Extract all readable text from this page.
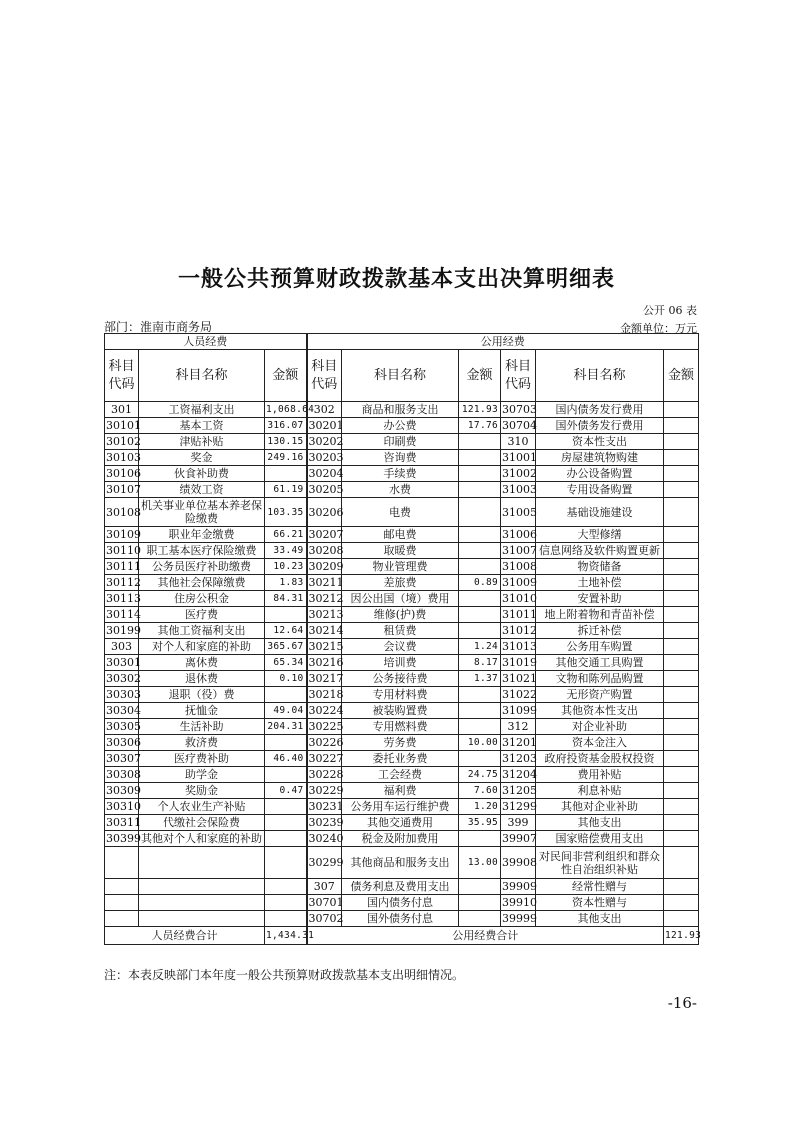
一般公共预算财政拨款基本支出决算明细表
公开 06 表
部门：淮南市商务局	金额单位：万元
人员经费			公用经费					
科目代码	科目名称	金额	科目代码	科目名称	金额	科目代码	科目名称	金额
301	工资福利支出	1,068.64	302	商品和服务支出	121.93	30703	国内债务发行费用	
30101	基本工资	316.07	30201	办公费	17.76	30704	国外债务发行费用	
30102	津贴补贴	130.15	30202	印刷费		310	资本性支出	
30103	奖金	249.16	30203	咨询费		31001	房屋建筑物购建	
30106	伙食补助费		30204	手续费		31002	办公设备购置	
30107	绩效工资	61.19	30205	水费		31003	专用设备购置	
30108	机关事业单位基本养老保险缴费	103.35	30206	电费		31005	基础设施建设	
30109	职业年金缴费	66.21	30207	邮电费		31006	大型修缮	
30110	职工基本医疗保险缴费	33.49	30208	取暖费		31007	信息网络及软件购置更新	
30111	公务员医疗补助缴费	10.23	30209	物业管理费		31008	物资储备	
30112	其他社会保障缴费	1.83	30211	差旅费	0.89	31009	土地补偿	
30113	住房公积金	84.31	30212	因公出国（境）费用		31010	安置补助	
30114	医疗费		30213	维修(护)费		31011	地上附着物和青苗补偿	
30199	其他工资福利支出	12.64	30214	租赁费		31012	拆迁补偿	
303	对个人和家庭的补助	365.67	30215	会议费	1.24	31013	公务用车购置	
30301	离休费	65.34	30216	培训费	8.17	31019	其他交通工具购置	
30302	退休费	0.10	30217	公务接待费	1.37	31021	文物和陈列品购置	
30303	退职（役）费		30218	专用材料费		31022	无形资产购置	
30304	抚恤金	49.04	30224	被装购置费		31099	其他资本性支出	
30305	生活补助	204.31	30225	专用燃料费		312	对企业补助	
30306	救济费		30226	劳务费	10.00	31201	资本金注入	
30307	医疗费补助	46.40	30227	委托业务费		31203	政府投资基金股权投资	
30308	助学金		30228	工会经费	24.75	31204	费用补贴	
30309	奖励金	0.47	30229	福利费	7.60	31205	利息补贴	
30310	个人农业生产补贴		30231	公务用车运行维护费	1.20	31299	其他对企业补助	
30311	代缴社会保险费		30239	其他交通费用	35.95	399	其他支出	
30399	其他对个人和家庭的补助		30240	税金及附加费用		39907	国家赔偿费用支出	
			30299	其他商品和服务支出	13.00	39908	对民间非营利组织和群众性自治组织补贴	
			307	债务利息及费用支出		39909	经常性赠与	
			30701	国内债务付息		39910	资本性赠与	
			30702	国外债务付息		39999	其他支出	
人员经费合计		1,434.31	公用经费合计					121.93
注：本表反映部门本年度一般公共预算财政拨款基本支出明细情况。
-16-
